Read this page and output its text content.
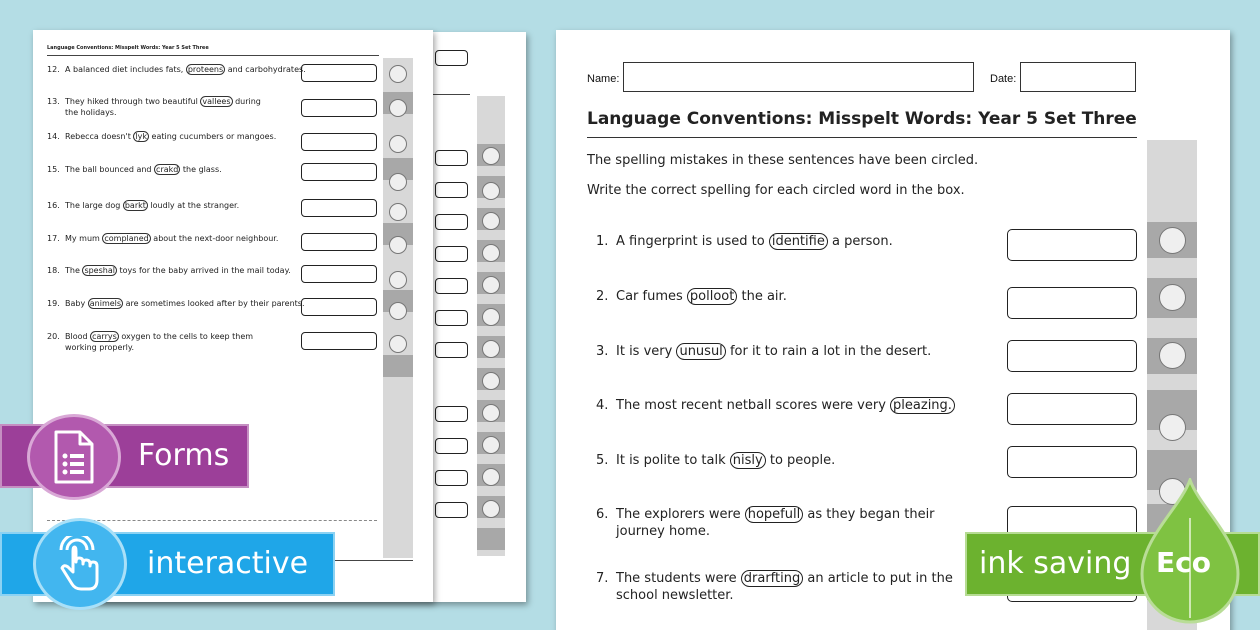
Language Conventions: Misspelt Words: Year 5 Set Three
12. A balanced diet includes fats, proteens and carbohydrates.
13. They hiked through two beautiful vallees during
the holidays.
14. Rebecca doesn't lyk eating cucumbers or mangoes.
15. The ball bounced and crakd the glass.
16. The large dog barkt loudly at the stranger.
17. My mum complaned about the next-door neighbour.
18. The speshal toys for the baby arrived in the mail today.
19. Baby animels are sometimes looked after by their parents.
20. Blood carrys oxygen to the cells to keep them
working properly.
Name:	Date:
Language Conventions: Misspelt Words: Year 5 Set Three
The spelling mistakes in these sentences have been circled.
Write the correct spelling for each circled word in the box.
1. A fingerprint is used to identifie a person.
2. Car fumes polloot the air.
3. It is very unusul for it to rain a lot in the desert.
4. The most recent netball scores were very pleazing.
5. It is polite to talk nisly to people.
6. The explorers were hopefull as they began their
journey home.
7. The students were drarfting an article to put in the
school newsletter.
Forms
interactive	ink saving Eco
